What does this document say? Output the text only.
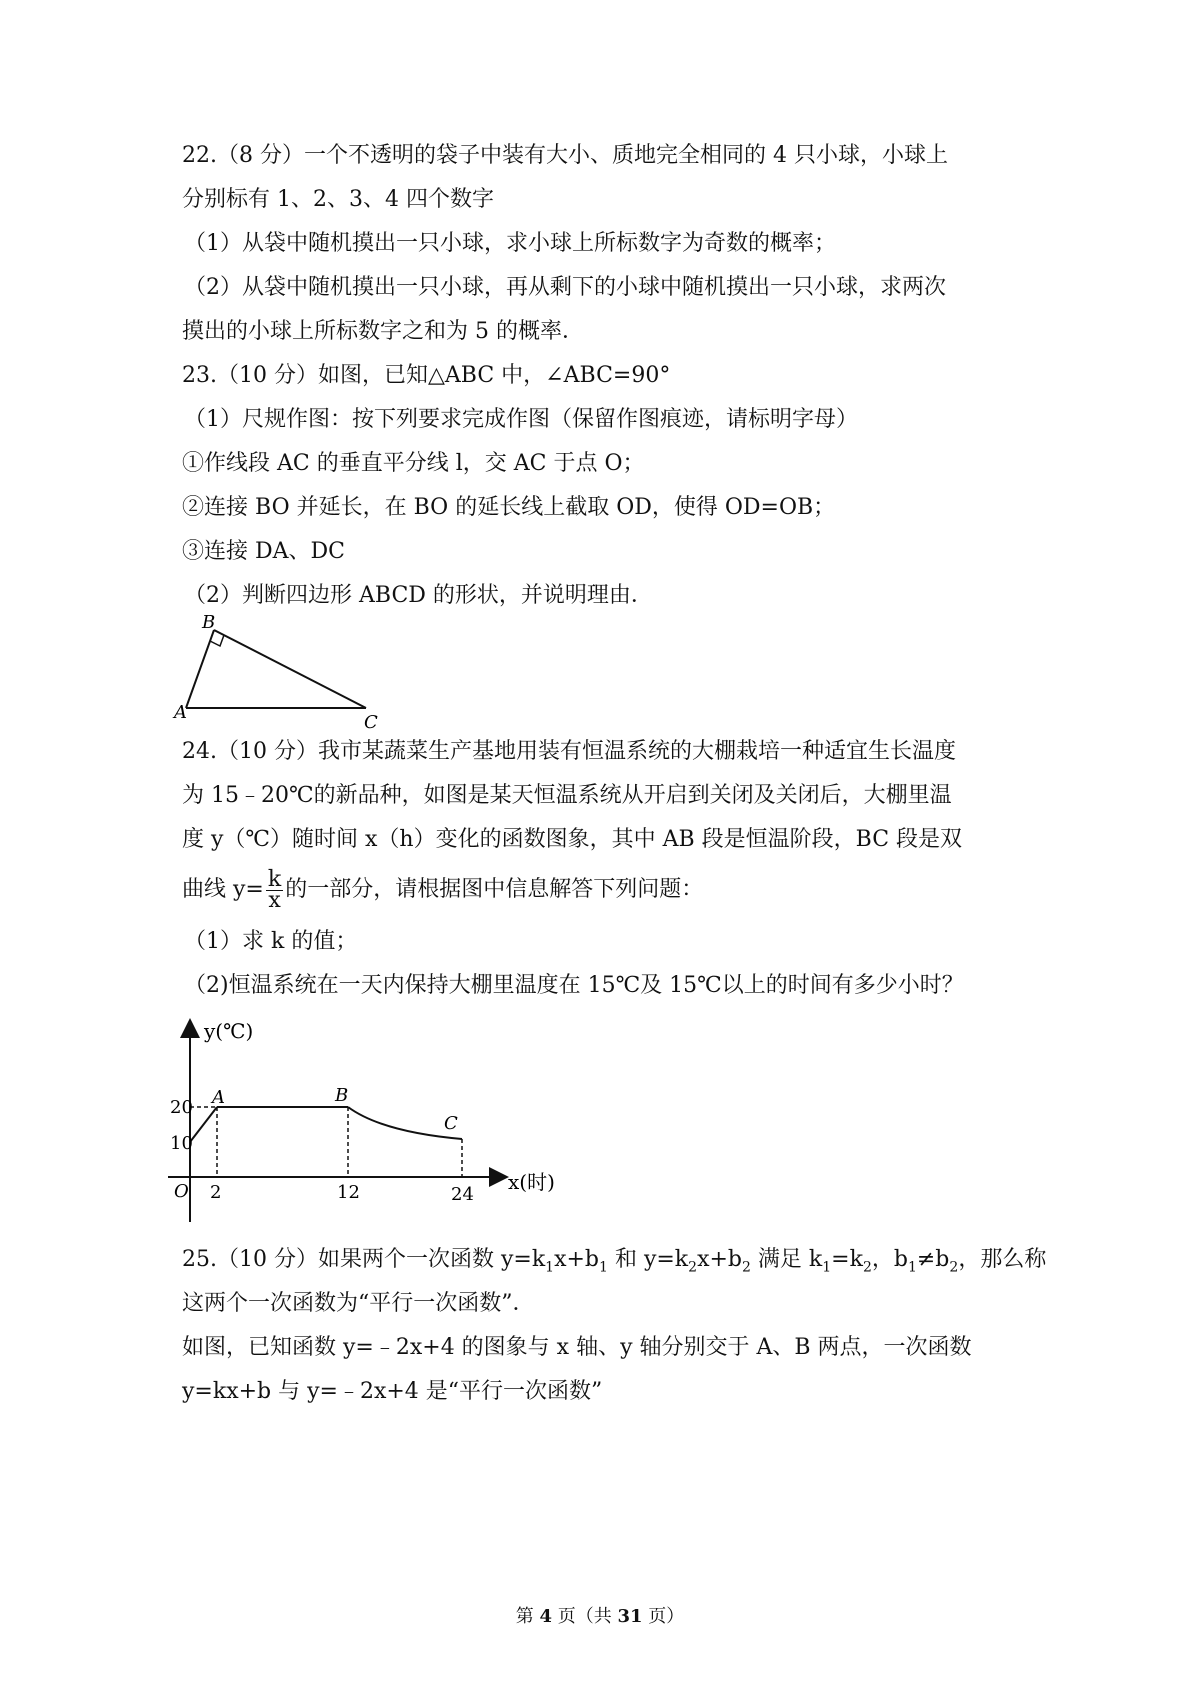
22.（8 分）一个不透明的袋子中装有大小、质地完全相同的 4 只小球，小球上
分别标有 1、2、3、4 四个数字
（1）从袋中随机摸出一只小球，求小球上所标数字为奇数的概率；
（2）从袋中随机摸出一只小球，再从剩下的小球中随机摸出一只小球，求两次
摸出的小球上所标数字之和为 5 的概率．
23.（10 分）如图，已知△ABC 中，∠ABC=90°
（1）尺规作图：按下列要求完成作图（保留作图痕迹，请标明字母）
①作线段 AC 的垂直平分线 l，交 AC 于点 O；
②连接 BO 并延长，在 BO 的延长线上截取 OD，使得 OD=OB；
③连接 DA、DC
（2）判断四边形 ABCD 的形状，并说明理由．
B
A	C
24.（10 分）我市某蔬菜生产基地用装有恒温系统的大棚栽培一种适宜生长温度
为 15﹣20℃的新品种，如图是某天恒温系统从开启到关闭及关闭后，大棚里温
度 y（℃）随时间 x（h）变化的函数图象，其中 AB 段是恒温阶段，BC 段是双
曲线 $y= \frac{k}{x}$ 的一部分，请根据图中信息解答下列问题：
（1）求 k 的值；
（2)恒温系统在一天内保持大棚里温度在 15℃及 15℃以上的时间有多少小时？
y(℃)
x(时)
O
20
10
2	12	24
A	B
C
25.（10 分）如果两个一次函数 $y=k_1x+b_1$ 和 $y=k_2x+b_2$ 满足 $k_1=k_2$，$b_1\ne b_2$，那么称
这两个一次函数为“平行一次函数”．
如图，已知函数 y=﹣2x+4 的图象与 x 轴、y 轴分别交于 A、B 两点，一次函数
y=kx+b 与 y=﹣2x+4 是“平行一次函数”
第 4 页（共 31 页）
